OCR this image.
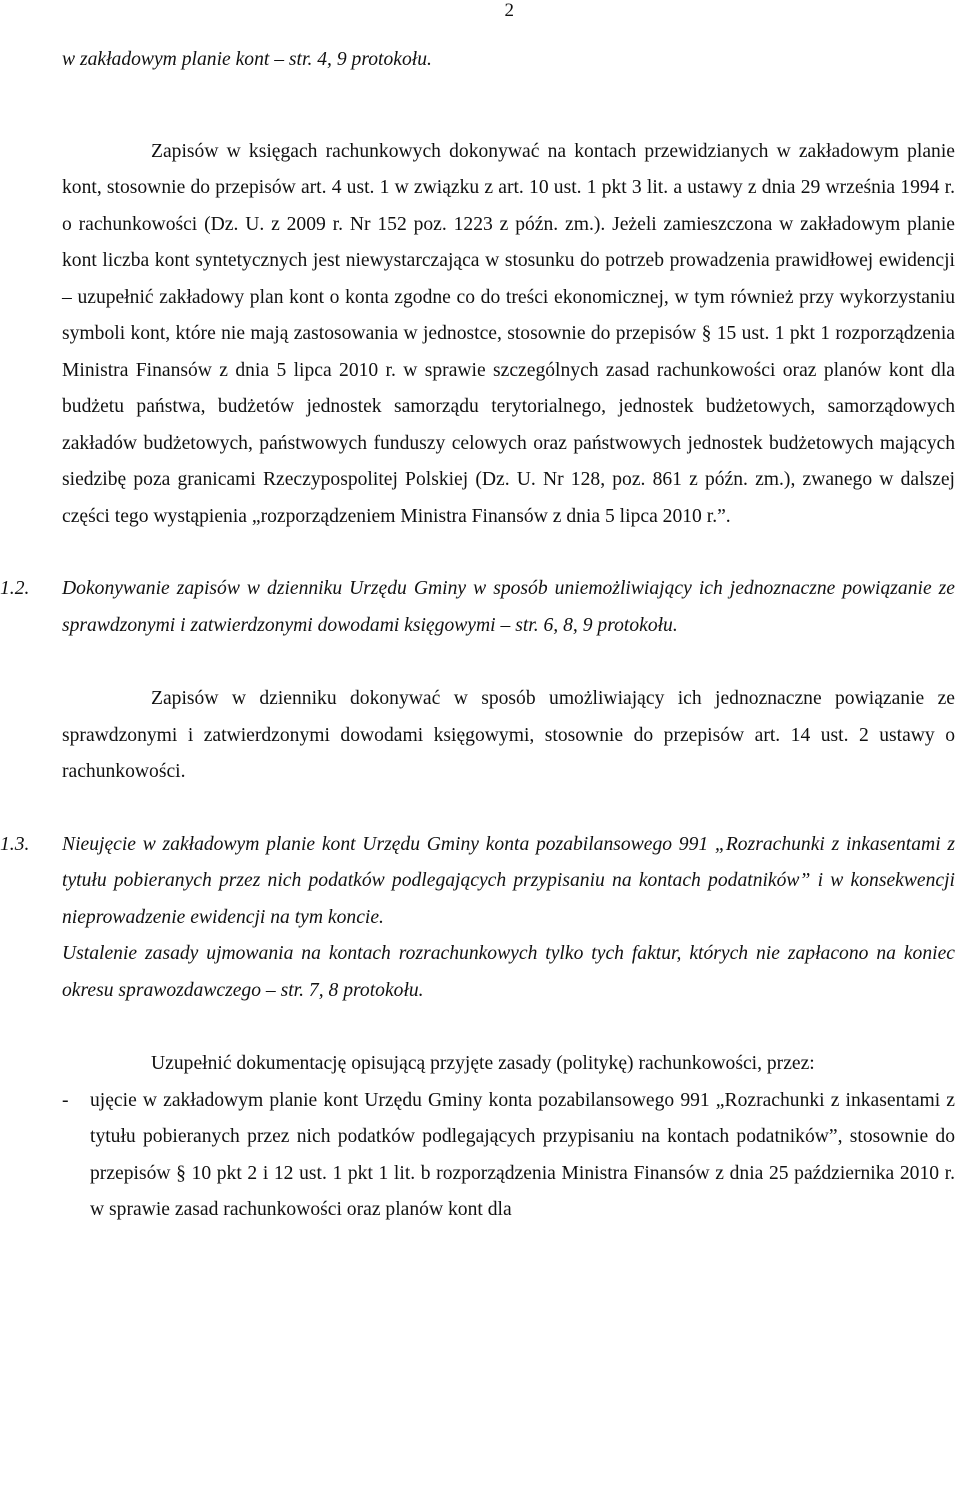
2

w zakładowym planie kont – str. 4, 9 protokołu.

Zapisów w księgach rachunkowych dokonywać na kontach przewidzianych w zakładowym planie kont, stosownie do przepisów art. 4 ust. 1 w związku z art. 10 ust. 1 pkt 3 lit. a ustawy z dnia 29 września 1994 r. o rachunkowości (Dz. U. z 2009 r. Nr 152 poz. 1223 z późn. zm.). Jeżeli zamieszczona w zakładowym planie kont liczba kont syntetycznych jest niewystarczająca w stosunku do potrzeb prowadzenia prawidłowej ewidencji – uzupełnić zakładowy plan kont o konta zgodne co do treści ekonomicznej, w tym również przy wykorzystaniu symboli kont, które nie mają zastosowania w jednostce, stosownie do przepisów § 15 ust. 1 pkt 1 rozporządzenia Ministra Finansów z dnia 5 lipca 2010 r. w sprawie szczególnych zasad rachunkowości oraz planów kont dla budżetu państwa, budżetów jednostek samorządu terytorialnego, jednostek budżetowych, samorządowych zakładów budżetowych, państwowych funduszy celowych oraz państwowych jednostek budżetowych mających siedzibę poza granicami Rzeczypospolitej Polskiej (Dz. U. Nr 128, poz. 861 z późn. zm.), zwanego w dalszej części tego wystąpienia „rozporządzeniem Ministra Finansów z dnia 5 lipca 2010 r.”.

1.2. Dokonywanie zapisów w dzienniku Urzędu Gminy w sposób uniemożliwiający ich jednoznaczne powiązanie ze sprawdzonymi i zatwierdzonymi dowodami księgowymi – str. 6, 8, 9 protokołu.

Zapisów w dzienniku dokonywać w sposób umożliwiający ich jednoznaczne powiązanie ze sprawdzonymi i zatwierdzonymi dowodami księgowymi, stosownie do przepisów art. 14 ust. 2 ustawy o rachunkowości.

1.3. Nieujęcie w zakładowym planie kont Urzędu Gminy konta pozabilansowego 991 „Rozrachunki z inkasentami z tytułu pobieranych przez nich podatków podlegających przypisaniu na kontach podatników” i w konsekwencji nieprowadzenie ewidencji na tym koncie.

Ustalenie zasady ujmowania na kontach rozrachunkowych tylko tych faktur, których nie zapłacono na koniec okresu sprawozdawczego – str. 7, 8 protokołu.

Uzupełnić dokumentację opisującą przyjęte zasady (politykę) rachunkowości, przez:

-	ujęcie w zakładowym planie kont Urzędu Gminy konta pozabilansowego 991 „Rozrachunki z inkasentami z tytułu pobieranych przez nich podatków podlegających przypisaniu na kontach podatników”, stosownie do przepisów § 10 pkt 2 i 12 ust. 1 pkt 1 lit. b rozporządzenia Ministra Finansów z dnia 25 października 2010 r. w sprawie zasad rachunkowości oraz planów kont dla
